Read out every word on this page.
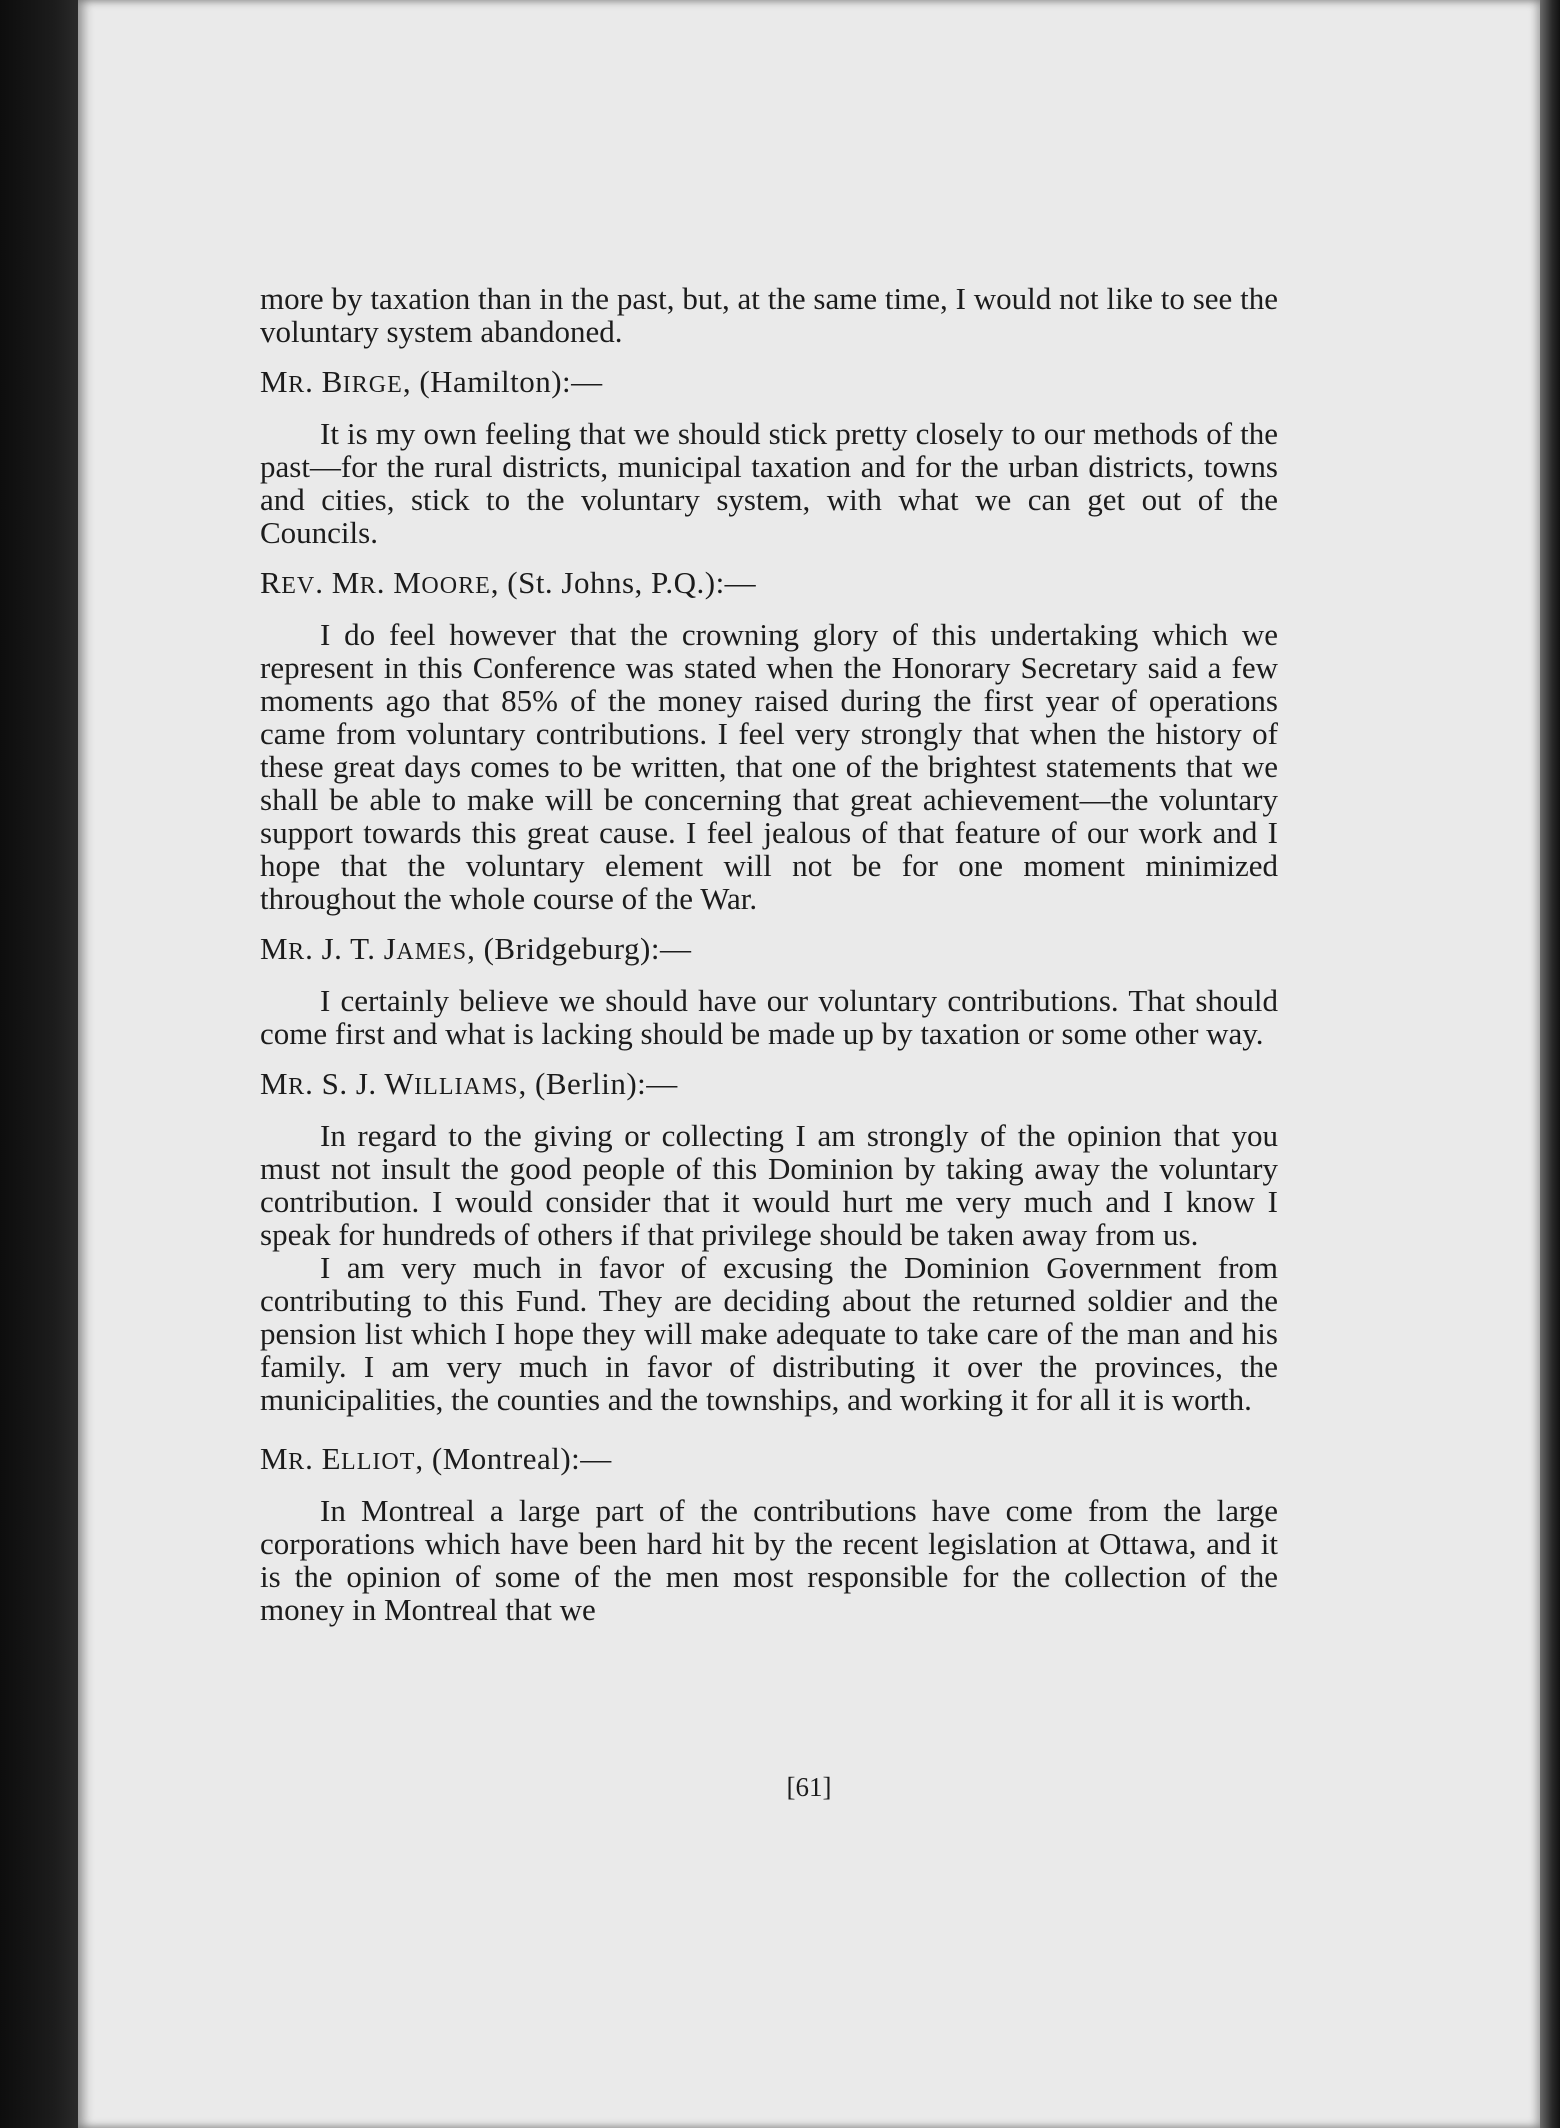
more by taxation than in the past, but, at the same time, I would not like to see the voluntary system abandoned.

MR. BIRGE, (Hamilton):—

It is my own feeling that we should stick pretty closely to our methods of the past—for the rural districts, municipal taxation and for the urban districts, towns and cities, stick to the voluntary system, with what we can get out of the Councils.

REV. MR. MOORE, (St. Johns, P.Q.):—

I do feel however that the crowning glory of this undertaking which we represent in this Conference was stated when the Honorary Secretary said a few moments ago that 85% of the money raised during the first year of operations came from voluntary contributions. I feel very strongly that when the history of these great days comes to be written, that one of the brightest statements that we shall be able to make will be concerning that great achievement—the voluntary support towards this great cause. I feel jealous of that feature of our work and I hope that the voluntary element will not be for one moment minimized throughout the whole course of the War.

MR. J. T. JAMES, (Bridgeburg):—

I certainly believe we should have our voluntary contributions. That should come first and what is lacking should be made up by taxation or some other way.

MR. S. J. WILLIAMS, (Berlin):—

In regard to the giving or collecting I am strongly of the opinion that you must not insult the good people of this Dominion by taking away the voluntary contribution. I would consider that it would hurt me very much and I know I speak for hundreds of others if that privilege should be taken away from us.

I am very much in favor of excusing the Dominion Government from contributing to this Fund. They are deciding about the returned soldier and the pension list which I hope they will make adequate to take care of the man and his family. I am very much in favor of distributing it over the provinces, the municipalities, the counties and the townships, and working it for all it is worth.

MR. ELLIOT, (Montreal):—

In Montreal a large part of the contributions have come from the large corporations which have been hard hit by the recent legislation at Ottawa, and it is the opinion of some of the men most responsible for the collection of the money in Montreal that we

[61]
